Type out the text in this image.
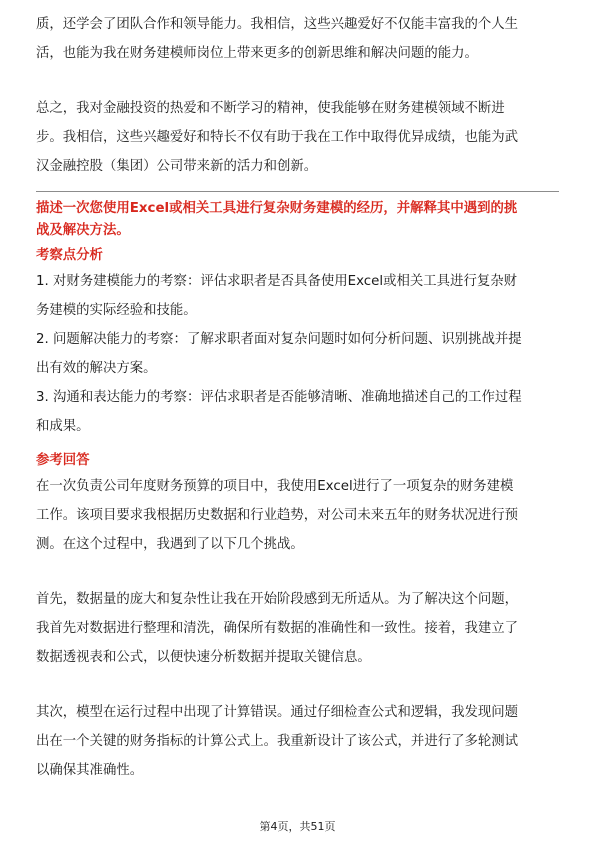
质，还学会了团队合作和领导能力。我相信，这些兴趣爱好不仅能丰富我的个人生
活，也能为我在财务建模师岗位上带来更多的创新思维和解决问题的能力。

总之，我对金融投资的热爱和不断学习的精神，使我能够在财务建模领域不断进
步。我相信，这些兴趣爱好和特长不仅有助于我在工作中取得优异成绩，也能为武
汉金融控股（集团）公司带来新的活力和创新。

描述一次您使用Excel或相关工具进行复杂财务建模的经历，并解释其中遇到的挑
战及解决方法。

考察点分析

1. 对财务建模能力的考察：评估求职者是否具备使用Excel或相关工具进行复杂财
务建模的实际经验和技能。

2. 问题解决能力的考察：了解求职者面对复杂问题时如何分析问题、识别挑战并提
出有效的解决方案。

3. 沟通和表达能力的考察：评估求职者是否能够清晰、准确地描述自己的工作过程
和成果。

参考回答

在一次负责公司年度财务预算的项目中，我使用Excel进行了一项复杂的财务建模
工作。该项目要求我根据历史数据和行业趋势，对公司未来五年的财务状况进行预
测。在这个过程中，我遇到了以下几个挑战。

首先，数据量的庞大和复杂性让我在开始阶段感到无所适从。为了解决这个问题，
我首先对数据进行整理和清洗，确保所有数据的准确性和一致性。接着，我建立了
数据透视表和公式，以便快速分析数据并提取关键信息。

其次，模型在运行过程中出现了计算错误。通过仔细检查公式和逻辑，我发现问题
出在一个关键的财务指标的计算公式上。我重新设计了该公式，并进行了多轮测试
以确保其准确性。

第4页，共51页
